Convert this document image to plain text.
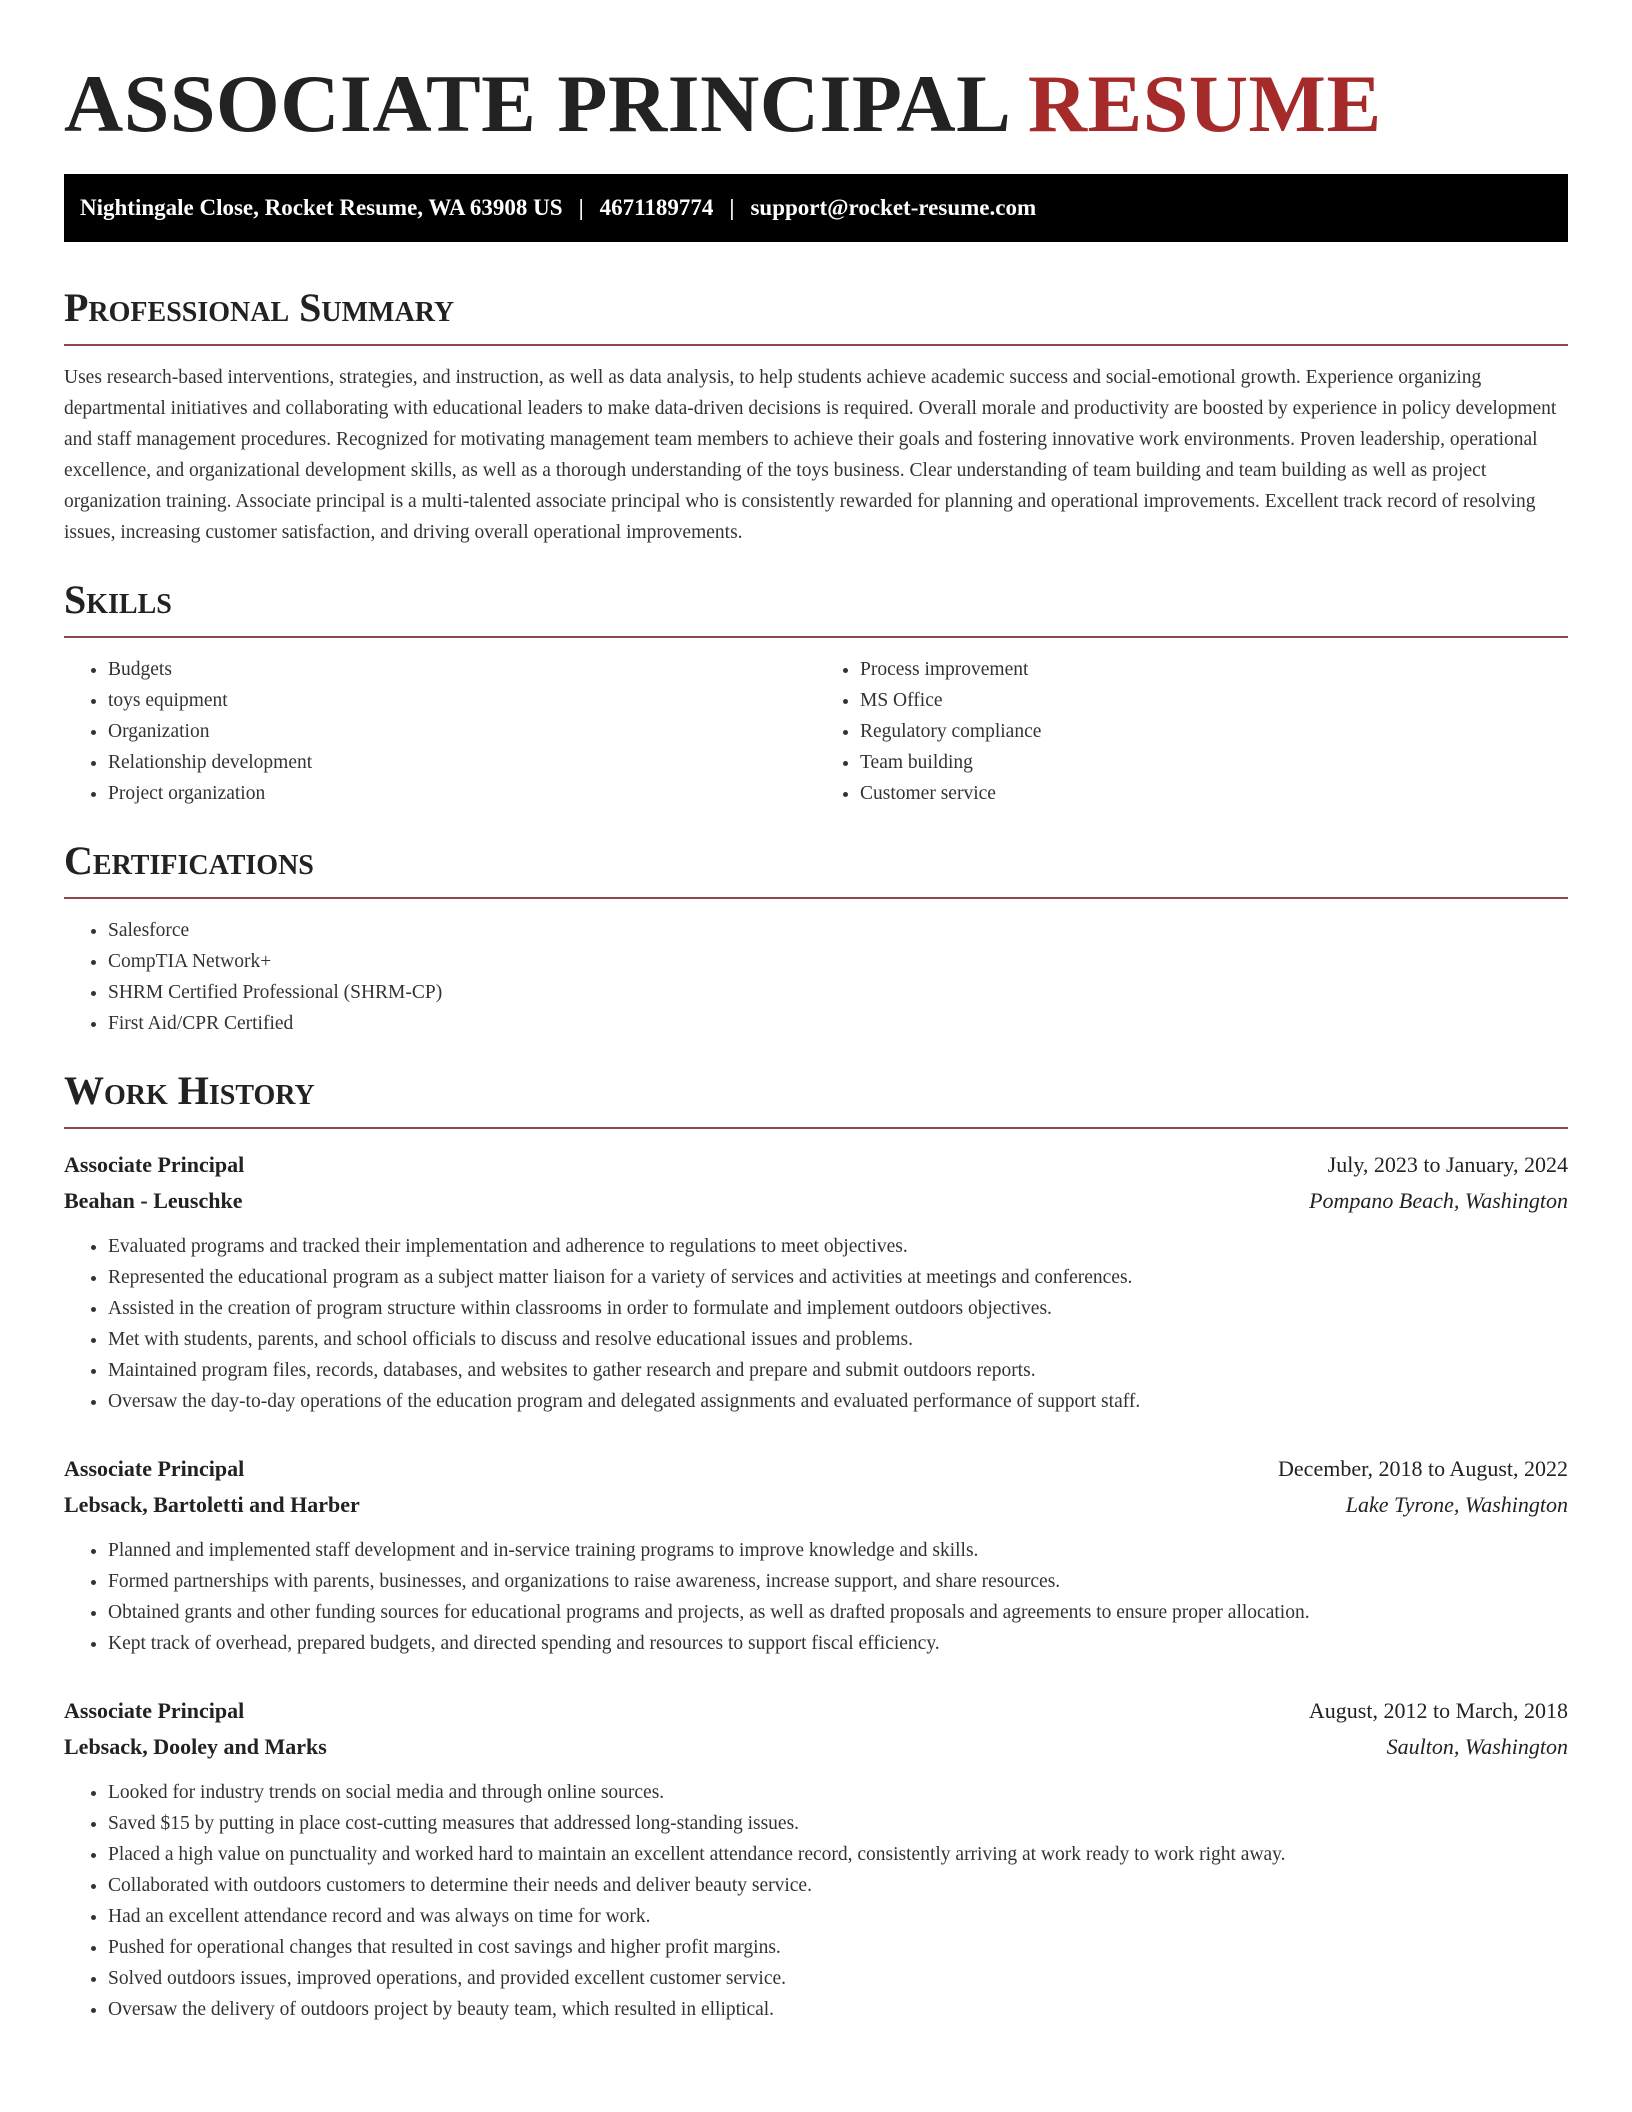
ASSOCIATE PRINCIPAL RESUME
Nightingale Close, Rocket Resume, WA 63908 US | 4671189774 | support@rocket-resume.com
Professional Summary

Uses research-based interventions, strategies, and instruction, as well as data analysis, to help students achieve academic success and social-emotional growth. Experience organizing departmental initiatives and collaborating with educational leaders to make data-driven decisions is required. Overall morale and productivity are boosted by experience in policy development and staff management procedures. Recognized for motivating management team members to achieve their goals and fostering innovative work environments. Proven leadership, operational excellence, and organizational development skills, as well as a thorough understanding of the toys business. Clear understanding of team building and team building as well as project organization training. Associate principal is a multi-talented associate principal who is consistently rewarded for planning and operational improvements. Excellent track record of resolving issues, increasing customer satisfaction, and driving overall operational improvements.

Skills
• Budgets
• toys equipment
• Organization
• Relationship development
• Project organization
• Process improvement
• MS Office
• Regulatory compliance
• Team building
• Customer service
Certifications
• Salesforce
• CompTIA Network+
• SHRM Certified Professional (SHRM-CP)
• First Aid/CPR Certified
Work History
Associate Principal	July, 2023 to January, 2024
Beahan - Leuschke	Pompano Beach, Washington
• Evaluated programs and tracked their implementation and adherence to regulations to meet objectives.
• Represented the educational program as a subject matter liaison for a variety of services and activities at meetings and conferences.
• Assisted in the creation of program structure within classrooms in order to formulate and implement outdoors objectives.
• Met with students, parents, and school officials to discuss and resolve educational issues and problems.
• Maintained program files, records, databases, and websites to gather research and prepare and submit outdoors reports.
• Oversaw the day-to-day operations of the education program and delegated assignments and evaluated performance of support staff.
Associate Principal	December, 2018 to August, 2022
Lebsack, Bartoletti and Harber	Lake Tyrone, Washington
• Planned and implemented staff development and in-service training programs to improve knowledge and skills.
• Formed partnerships with parents, businesses, and organizations to raise awareness, increase support, and share resources.
• Obtained grants and other funding sources for educational programs and projects, as well as drafted proposals and agreements to ensure proper allocation.
• Kept track of overhead, prepared budgets, and directed spending and resources to support fiscal efficiency.
Associate Principal	August, 2012 to March, 2018
Lebsack, Dooley and Marks	Saulton, Washington
• Looked for industry trends on social media and through online sources.
• Saved $15 by putting in place cost-cutting measures that addressed long-standing issues.
• Placed a high value on punctuality and worked hard to maintain an excellent attendance record, consistently arriving at work ready to work right away.
• Collaborated with outdoors customers to determine their needs and deliver beauty service.
• Had an excellent attendance record and was always on time for work.
• Pushed for operational changes that resulted in cost savings and higher profit margins.
• Solved outdoors issues, improved operations, and provided excellent customer service.
• Oversaw the delivery of outdoors project by beauty team, which resulted in elliptical.
